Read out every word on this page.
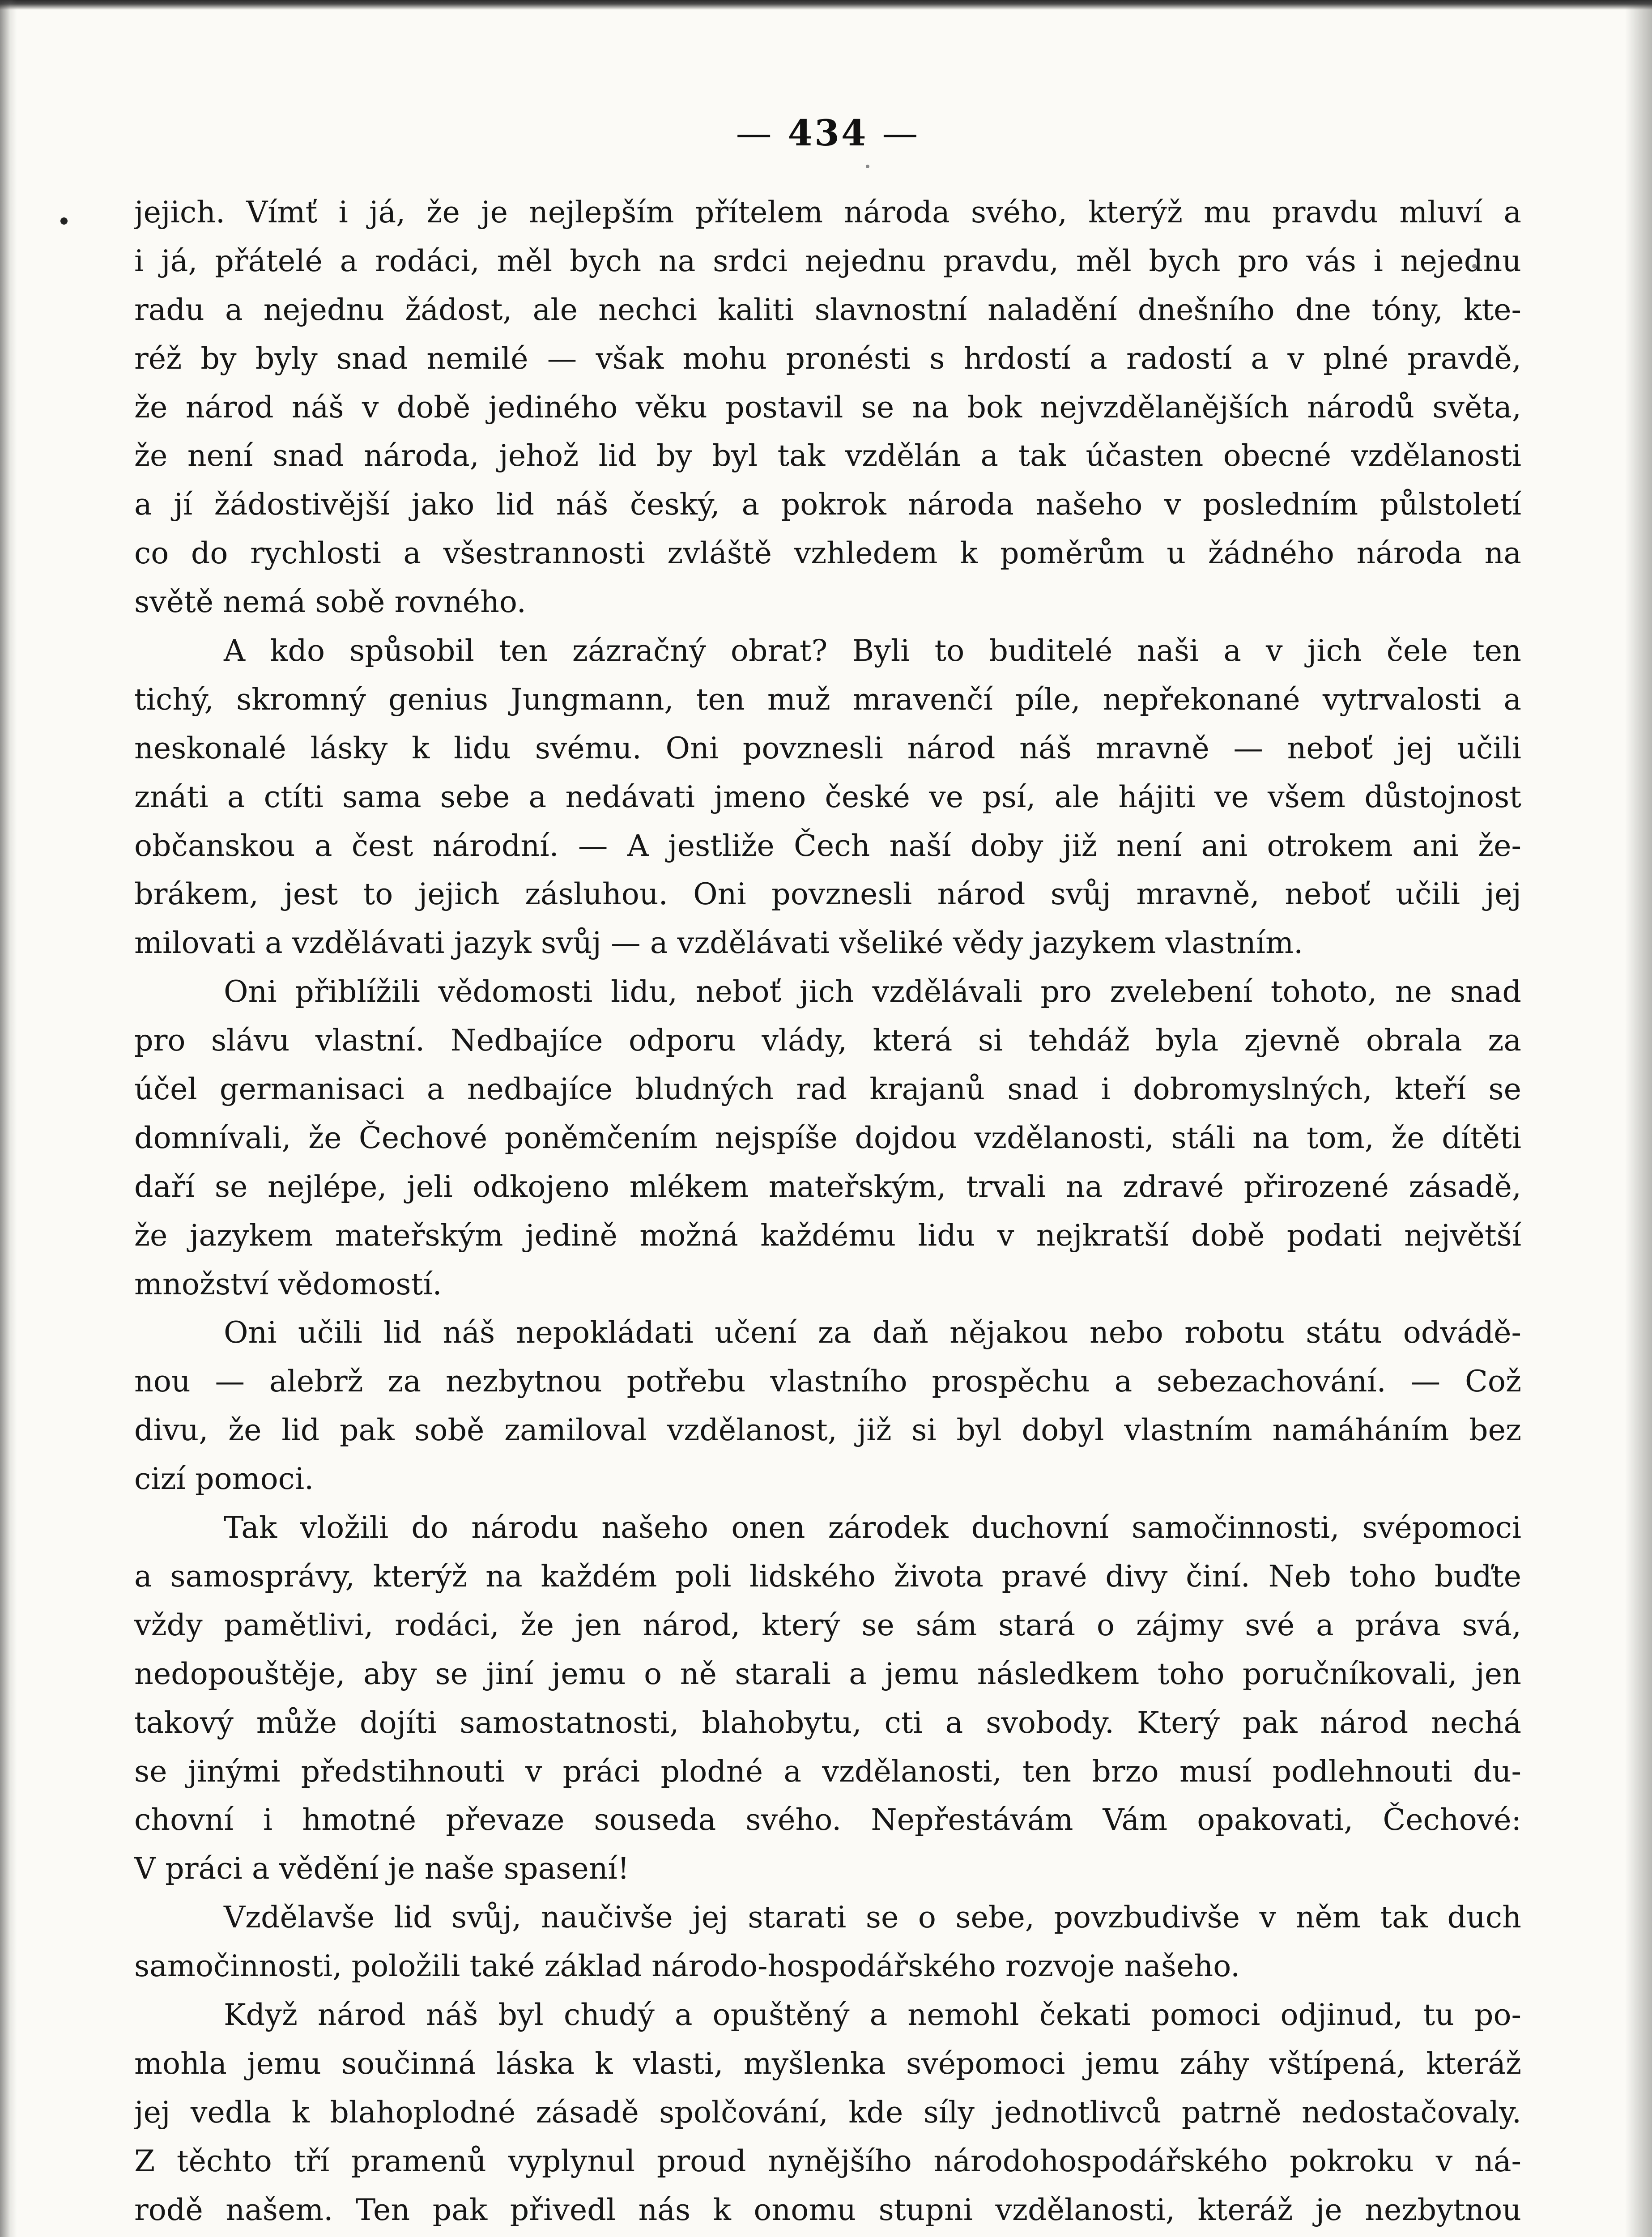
— 434 —
jejich. Vímť i já, že je nejlepším přítelem národa svého, kterýž mu pravdu mluví a
i já, přátelé a rodáci, měl bych na srdci nejednu pravdu, měl bych pro vás i nejednu
radu a nejednu žádost, ale nechci kaliti slavnostní naladění dnešního dne tóny, kte-
réž by byly snad nemilé — však mohu pronésti s hrdostí a radostí a v plné pravdě,
že národ náš v době jediného věku postavil se na bok nejvzdělanějších národů světa,
že není snad národa, jehož lid by byl tak vzdělán a tak účasten obecné vzdělanosti
a jí žádostivější jako lid náš český, a pokrok národa našeho v posledním půlstoletí
co do rychlosti a všestrannosti zvláště vzhledem k poměrům u žádného národa na
světě nemá sobě rovného.
A kdo spůsobil ten zázračný obrat? Byli to buditelé naši a v jich čele ten
tichý, skromný genius Jungmann, ten muž mravenčí píle, nepřekonané vytrvalosti a
neskonalé lásky k lidu svému. Oni povznesli národ náš mravně — neboť jej učili
znáti a ctíti sama sebe a nedávati jmeno české ve psí, ale hájiti ve všem důstojnost
občanskou a čest národní. — A jestliže Čech naší doby již není ani otrokem ani že-
brákem, jest to jejich zásluhou. Oni povznesli národ svůj mravně, neboť učili jej
milovati a vzdělávati jazyk svůj — a vzdělávati všeliké vědy jazykem vlastním.
Oni přiblížili vědomosti lidu, neboť jich vzdělávali pro zvelebení tohoto, ne snad
pro slávu vlastní. Nedbajíce odporu vlády, která si tehdáž byla zjevně obrala za
účel germanisaci a nedbajíce bludných rad krajanů snad i dobromyslných, kteří se
domnívali, že Čechové poněmčením nejspíše dojdou vzdělanosti, stáli na tom, že dítěti
daří se nejlépe, jeli odkojeno mlékem mateřským, trvali na zdravé přirozené zásadě,
že jazykem mateřským jedině možná každému lidu v nejkratší době podati největší
množství vědomostí.
Oni učili lid náš nepokládati učení za daň nějakou nebo robotu státu odvádě-
nou — alebrž za nezbytnou potřebu vlastního prospěchu a sebezachování. — Což
divu, že lid pak sobě zamiloval vzdělanost, již si byl dobyl vlastním namáháním bez
cizí pomoci.
Tak vložili do národu našeho onen zárodek duchovní samočinnosti, svépomoci
a samosprávy, kterýž na každém poli lidského života pravé divy činí. Neb toho buďte
vždy pamětlivi, rodáci, že jen národ, který se sám stará o zájmy své a práva svá,
nedopouštěje, aby se jiní jemu o ně starali a jemu následkem toho poručníkovali, jen
takový může dojíti samostatnosti, blahobytu, cti a svobody. Který pak národ nechá
se jinými předstihnouti v práci plodné a vzdělanosti, ten brzo musí podlehnouti du-
chovní i hmotné převaze souseda svého. Nepřestávám Vám opakovati, Čechové:
V práci a vědění je naše spasení!
Vzdělavše lid svůj, naučivše jej starati se o sebe, povzbudivše v něm tak duch
samočinnosti, položili také základ národo-hospodářského rozvoje našeho.
Když národ náš byl chudý a opuštěný a nemohl čekati pomoci odjinud, tu po-
mohla jemu součinná láska k vlasti, myšlenka svépomoci jemu záhy vštípená, kteráž
jej vedla k blahoplodné zásadě spolčování, kde síly jednotlivců patrně nedostačovaly.
Z těchto tří pramenů vyplynul proud nynějšího národohospodářského pokroku v ná-
rodě našem. Ten pak přivedl nás k onomu stupni vzdělanosti, kteráž je nezbytnou
